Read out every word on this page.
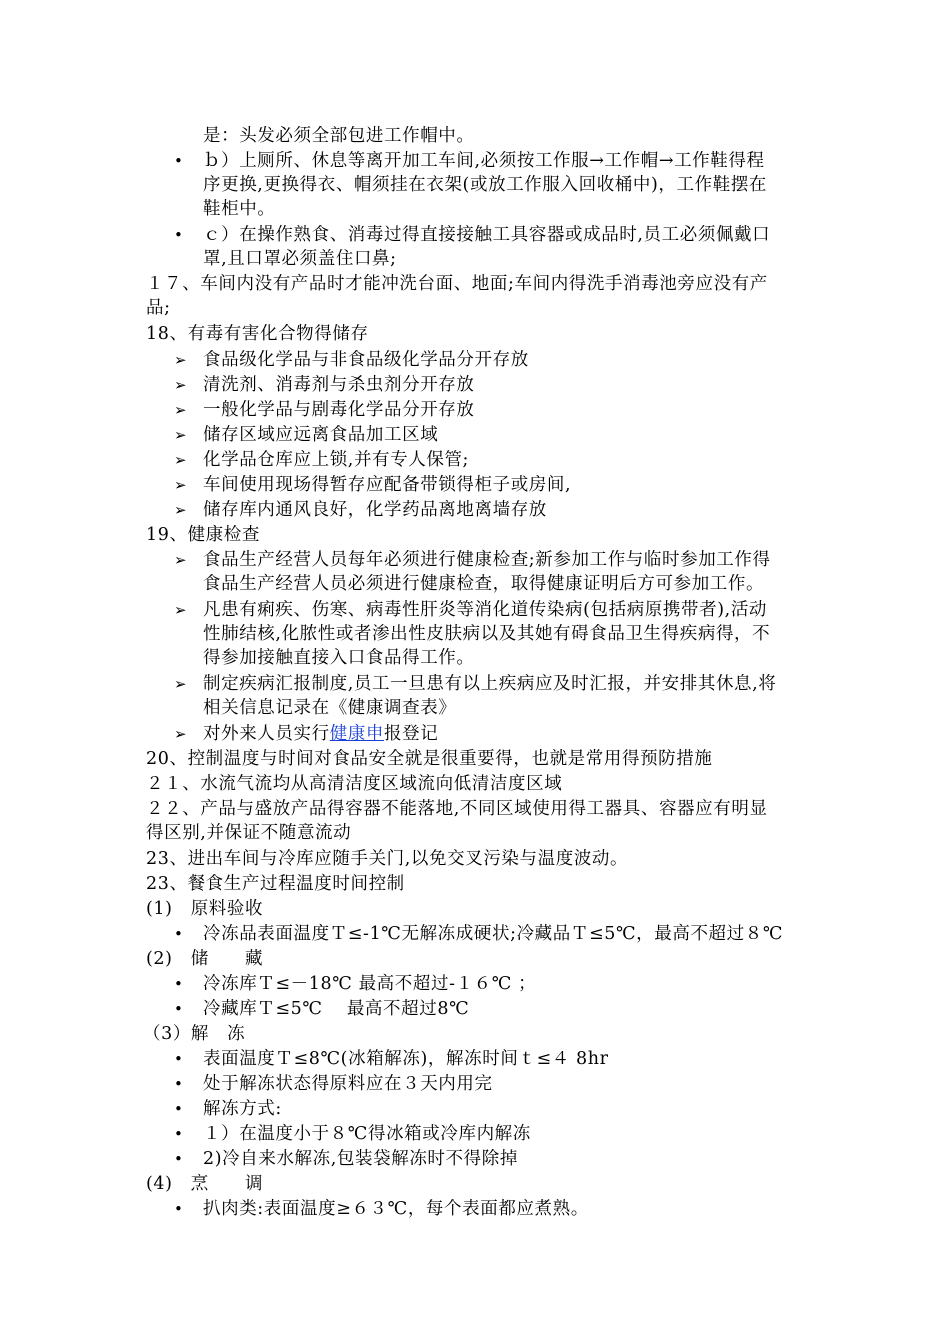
是：头发必须全部包进工作帽中。
• ｂ）上厕所、休息等离开加工车间,必须按工作服→工作帽→工作鞋得程
序更换,更换得衣、帽须挂在衣架(或放工作服入回收桶中)，工作鞋摆在
鞋柜中。
• ｃ）在操作熟食、消毒过得直接接触工具容器或成品时,员工必须佩戴口
罩,且口罩必须盖住口鼻;
１７、车间内没有产品时才能冲洗台面、地面;车间内得洗手消毒池旁应没有产
品;
18、有毒有害化合物得储存
➢ 食品级化学品与非食品级化学品分开存放
➢ 清洗剂、消毒剂与杀虫剂分开存放
➢ 一般化学品与剧毒化学品分开存放
➢ 储存区域应远离食品加工区域
➢ 化学品仓库应上锁,并有专人保管;
➢ 车间使用现场得暂存应配备带锁得柜子或房间,
➢ 储存库内通风良好，化学药品离地离墙存放
19、健康检查
➢ 食品生产经营人员每年必须进行健康检查;新参加工作与临时参加工作得
食品生产经营人员必须进行健康检查，取得健康证明后方可参加工作。
➢ 凡患有痢疾、伤寒、病毒性肝炎等消化道传染病(包括病原携带者),活动
性肺结核,化脓性或者渗出性皮肤病以及其她有碍食品卫生得疾病得，不
得参加接触直接入口食品得工作。
➢ 制定疾病汇报制度,员工一旦患有以上疾病应及时汇报，并安排其休息,将
相关信息记录在《健康调查表》
➢ 对外来人员实行健康申报登记
20、控制温度与时间对食品安全就是很重要得，也就是常用得预防措施
２１、水流气流均从高清洁度区域流向低清洁度区域
２２、产品与盛放产品得容器不能落地,不同区域使用得工器具、容器应有明显
得区别,并保证不随意流动
23、进出车间与冷库应随手关门,以免交叉污染与温度波动。
23、餐食生产过程温度时间控制
(1)　原料验收
• 冷冻品表面温度Ｔ≤-1℃无解冻成硬状;冷藏品Ｔ≤5℃，最高不超过８℃
(2)　储　　藏
• 冷冻库Ｔ≤－18℃ 最高不超过-１６℃ ；
• 冷藏库Ｔ≤5℃　 最高不超过8℃
（3）解　冻
• 表面温度Ｔ≤8℃(冰箱解冻)，解冻时间ｔ≤４ 8hr
• 处于解冻状态得原料应在３天内用完
• 解冻方式:
• １）在温度小于８℃得冰箱或冷库内解冻
• 2)冷自来水解冻,包装袋解冻时不得除掉
(4)　烹　　调
• 扒肉类:表面温度≥６３℃，每个表面都应煮熟。
